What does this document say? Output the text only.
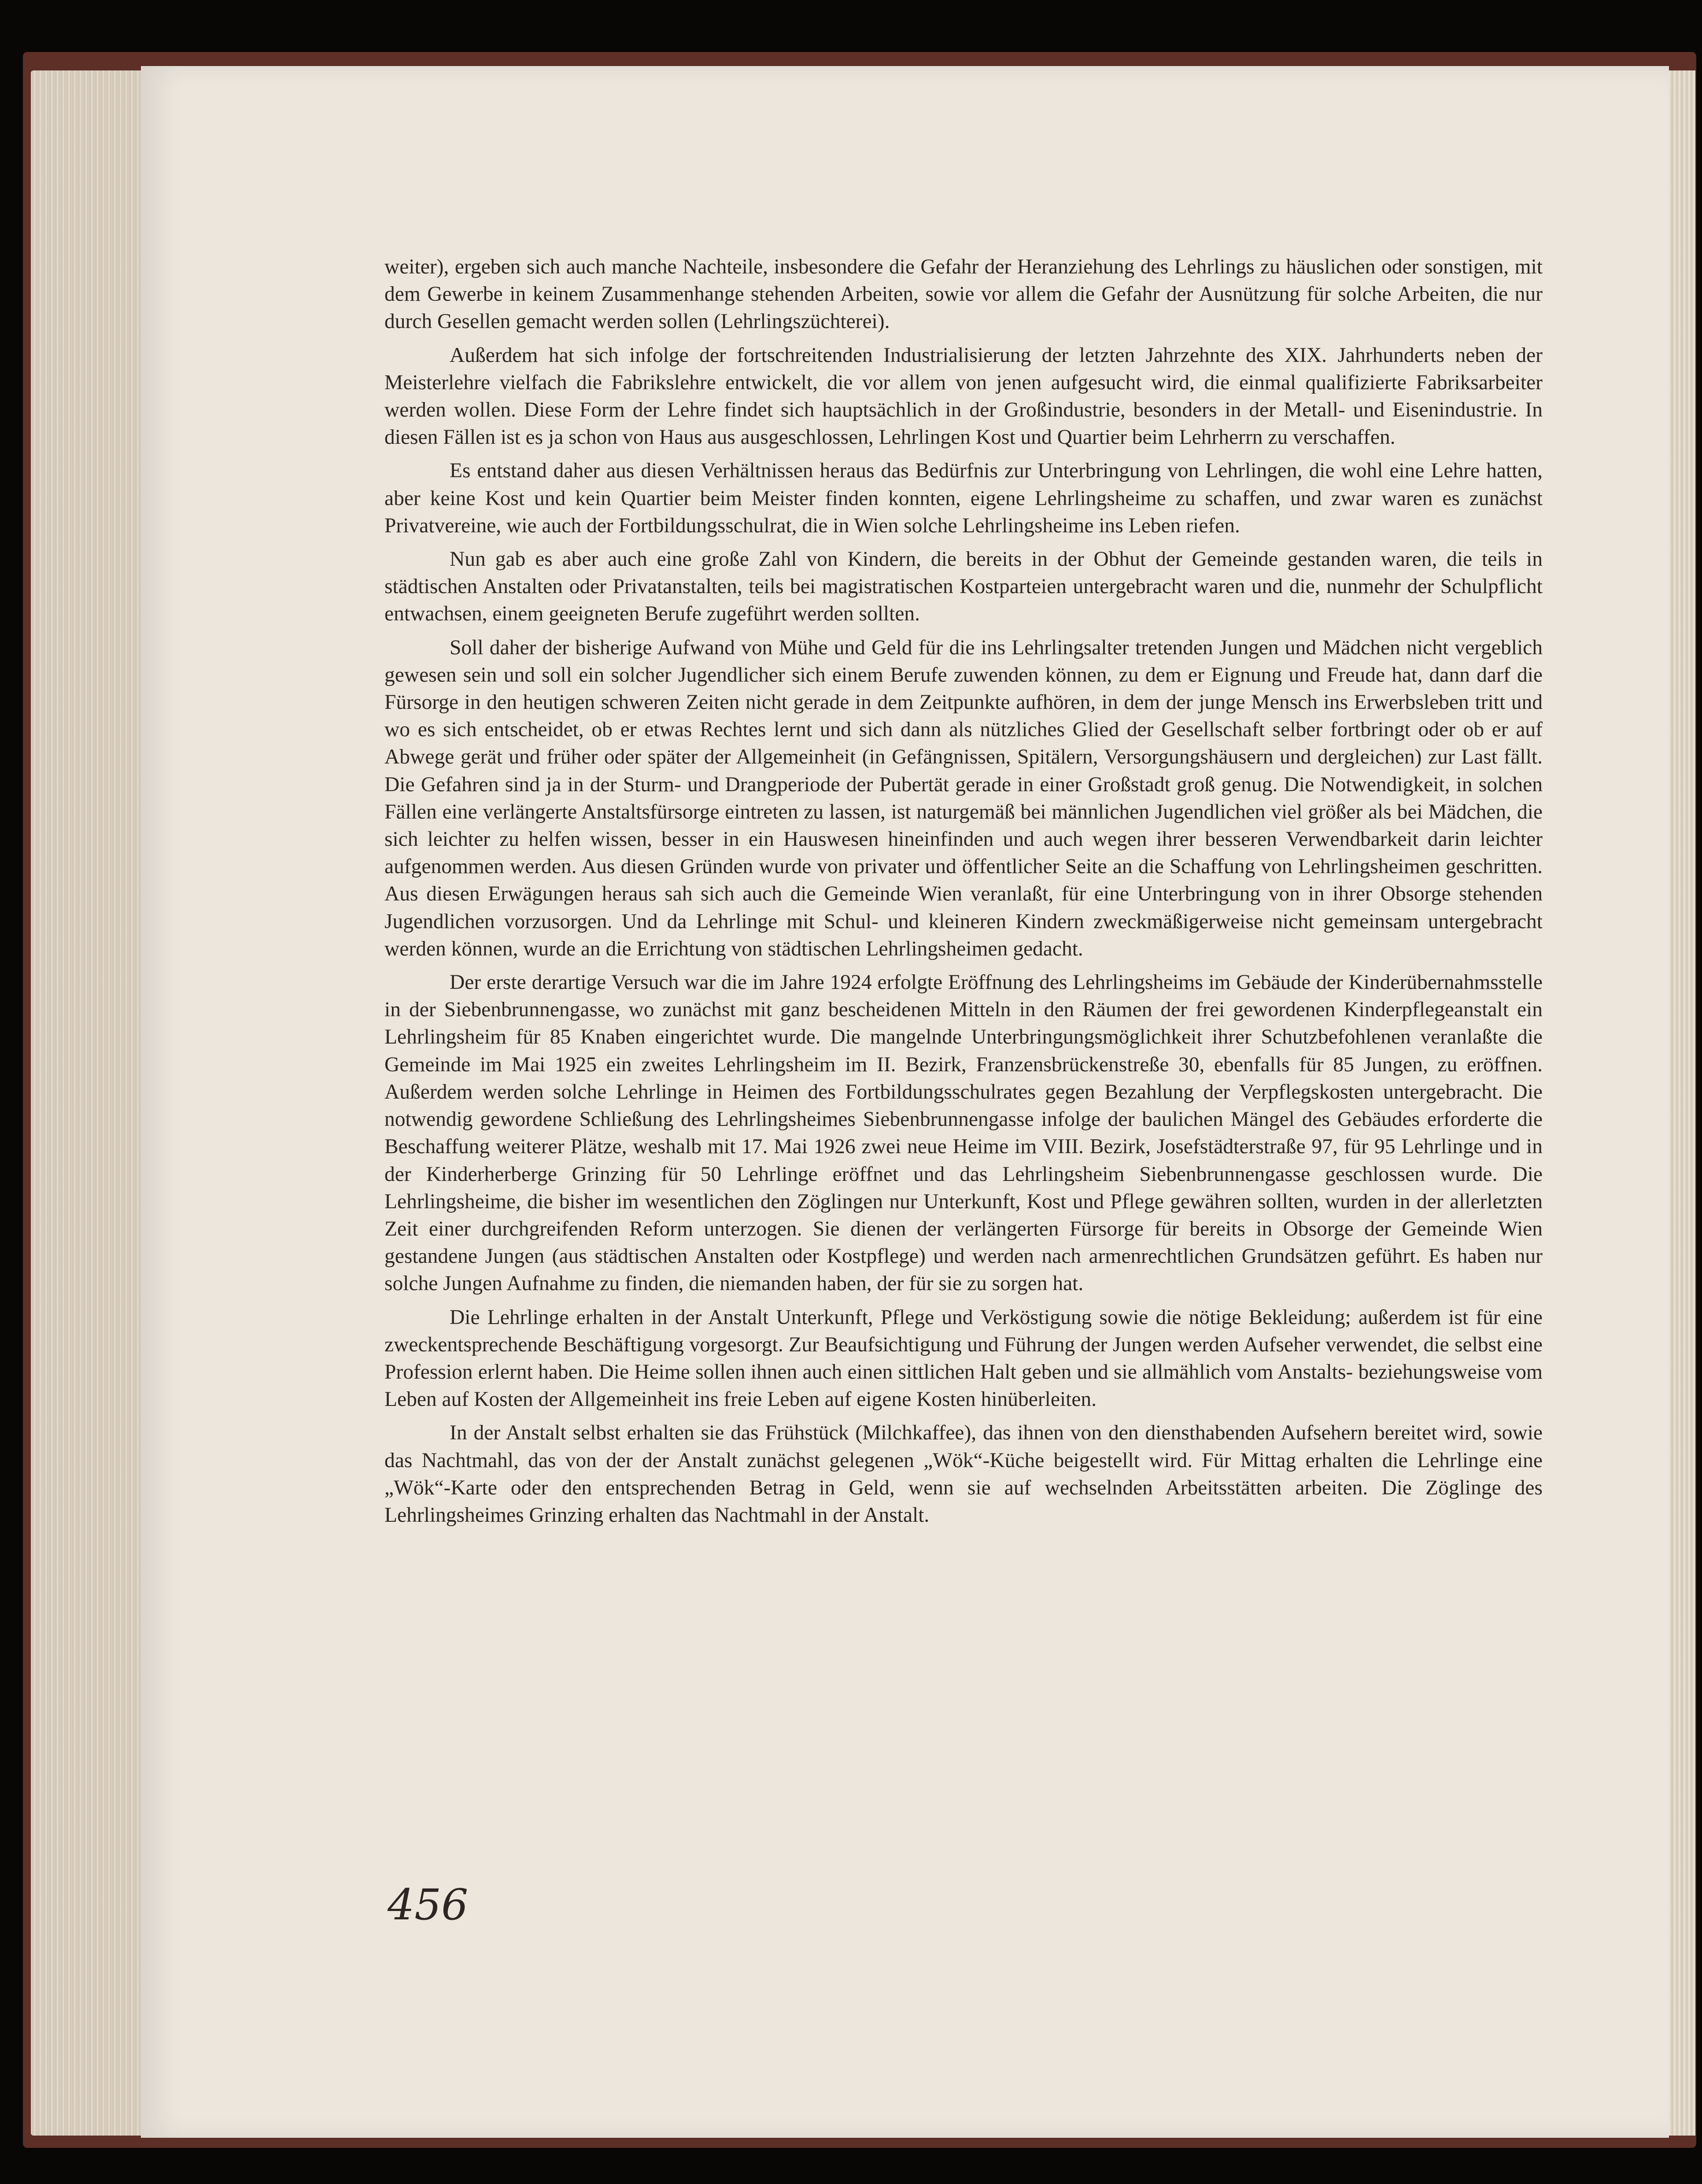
weiter), ergeben sich auch manche Nachteile, insbesondere die Gefahr der Heranziehung des Lehrlings zu häuslichen oder sonstigen, mit dem Gewerbe in keinem Zusammenhange stehenden Arbeiten, sowie vor allem die Gefahr der Ausnützung für solche Arbeiten, die nur durch Gesellen gemacht werden sollen (Lehrlingszüchterei).

Außerdem hat sich infolge der fortschreitenden Industrialisierung der letzten Jahrzehnte des XIX. Jahrhunderts neben der Meisterlehre vielfach die Fabrikslehre entwickelt, die vor allem von jenen aufgesucht wird, die einmal qualifizierte Fabriksarbeiter werden wollen. Diese Form der Lehre findet sich hauptsächlich in der Großindustrie, besonders in der Metall- und Eisenindustrie. In diesen Fällen ist es ja schon von Haus aus ausgeschlossen, Lehrlingen Kost und Quartier beim Lehrherrn zu verschaffen.

Es entstand daher aus diesen Verhältnissen heraus das Bedürfnis zur Unterbringung von Lehrlingen, die wohl eine Lehre hatten, aber keine Kost und kein Quartier beim Meister finden konnten, eigene Lehrlingsheime zu schaffen, und zwar waren es zunächst Privatvereine, wie auch der Fortbildungsschulrat, die in Wien solche Lehrlingsheime ins Leben riefen.

Nun gab es aber auch eine große Zahl von Kindern, die bereits in der Obhut der Gemeinde gestanden waren, die teils in städtischen Anstalten oder Privatanstalten, teils bei magistratischen Kostparteien untergebracht waren und die, nunmehr der Schulpflicht entwachsen, einem geeigneten Berufe zugeführt werden sollten.

Soll daher der bisherige Aufwand von Mühe und Geld für die ins Lehrlingsalter tretenden Jungen und Mädchen nicht vergeblich gewesen sein und soll ein solcher Jugendlicher sich einem Berufe zuwenden können, zu dem er Eignung und Freude hat, dann darf die Fürsorge in den heutigen schweren Zeiten nicht gerade in dem Zeitpunkte aufhören, in dem der junge Mensch ins Erwerbsleben tritt und wo es sich entscheidet, ob er etwas Rechtes lernt und sich dann als nützliches Glied der Gesellschaft selber fortbringt oder ob er auf Abwege gerät und früher oder später der Allgemeinheit (in Gefängnissen, Spitälern, Versorgungshäusern und dergleichen) zur Last fällt. Die Gefahren sind ja in der Sturm- und Drangperiode der Pubertät gerade in einer Großstadt groß genug. Die Notwendigkeit, in solchen Fällen eine verlängerte Anstaltsfürsorge eintreten zu lassen, ist naturgemäß bei männlichen Jugendlichen viel größer als bei Mädchen, die sich leichter zu helfen wissen, besser in ein Hauswesen hineinfinden und auch wegen ihrer besseren Verwendbarkeit darin leichter aufgenommen werden. Aus diesen Gründen wurde von privater und öffentlicher Seite an die Schaffung von Lehrlingsheimen geschritten. Aus diesen Erwägungen heraus sah sich auch die Gemeinde Wien veranlaßt, für eine Unterbringung von in ihrer Obsorge stehenden Jugendlichen vorzusorgen. Und da Lehrlinge mit Schul- und kleineren Kindern zweckmäßigerweise nicht gemeinsam untergebracht werden können, wurde an die Errichtung von städtischen Lehrlingsheimen gedacht.

Der erste derartige Versuch war die im Jahre 1924 erfolgte Eröffnung des Lehrlingsheims im Gebäude der Kinderübernahmsstelle in der Siebenbrunnengasse, wo zunächst mit ganz bescheidenen Mitteln in den Räumen der frei gewordenen Kinderpflegeanstalt ein Lehrlingsheim für 85 Knaben eingerichtet wurde. Die mangelnde Unterbringungsmöglichkeit ihrer Schutzbefohlenen veranlaßte die Gemeinde im Mai 1925 ein zweites Lehrlingsheim im II. Bezirk, Franzensbrückenstreße 30, ebenfalls für 85 Jungen, zu eröffnen. Außerdem werden solche Lehrlinge in Heimen des Fortbildungsschulrates gegen Bezahlung der Verpflegskosten untergebracht. Die notwendig gewordene Schließung des Lehrlingsheimes Siebenbrunnengasse infolge der baulichen Mängel des Gebäudes erforderte die Beschaffung weiterer Plätze, weshalb mit 17. Mai 1926 zwei neue Heime im VIII. Bezirk, Josefstädterstraße 97, für 95 Lehrlinge und in der Kinderherberge Grinzing für 50 Lehrlinge eröffnet und das Lehrlingsheim Siebenbrunnengasse geschlossen wurde. Die Lehrlingsheime, die bisher im wesentlichen den Zöglingen nur Unterkunft, Kost und Pflege gewähren sollten, wurden in der allerletzten Zeit einer durchgreifenden Reform unterzogen. Sie dienen der verlängerten Fürsorge für bereits in Obsorge der Gemeinde Wien gestandene Jungen (aus städtischen Anstalten oder Kostpflege) und werden nach armenrechtlichen Grundsätzen geführt. Es haben nur solche Jungen Aufnahme zu finden, die niemanden haben, der für sie zu sorgen hat.

Die Lehrlinge erhalten in der Anstalt Unterkunft, Pflege und Verköstigung sowie die nötige Bekleidung; außerdem ist für eine zweckentsprechende Beschäftigung vorgesorgt. Zur Beaufsichtigung und Führung der Jungen werden Aufseher verwendet, die selbst eine Profession erlernt haben. Die Heime sollen ihnen auch einen sittlichen Halt geben und sie allmählich vom Anstalts- beziehungsweise vom Leben auf Kosten der Allgemeinheit ins freie Leben auf eigene Kosten hinüberleiten.

In der Anstalt selbst erhalten sie das Frühstück (Milchkaffee), das ihnen von den diensthabenden Aufsehern bereitet wird, sowie das Nachtmahl, das von der der Anstalt zunächst gelegenen „Wök“-Küche beigestellt wird. Für Mittag erhalten die Lehrlinge eine „Wök“-Karte oder den entsprechenden Betrag in Geld, wenn sie auf wechselnden Arbeitsstätten arbeiten. Die Zöglinge des Lehrlingsheimes Grinzing erhalten das Nachtmahl in der Anstalt.

456
